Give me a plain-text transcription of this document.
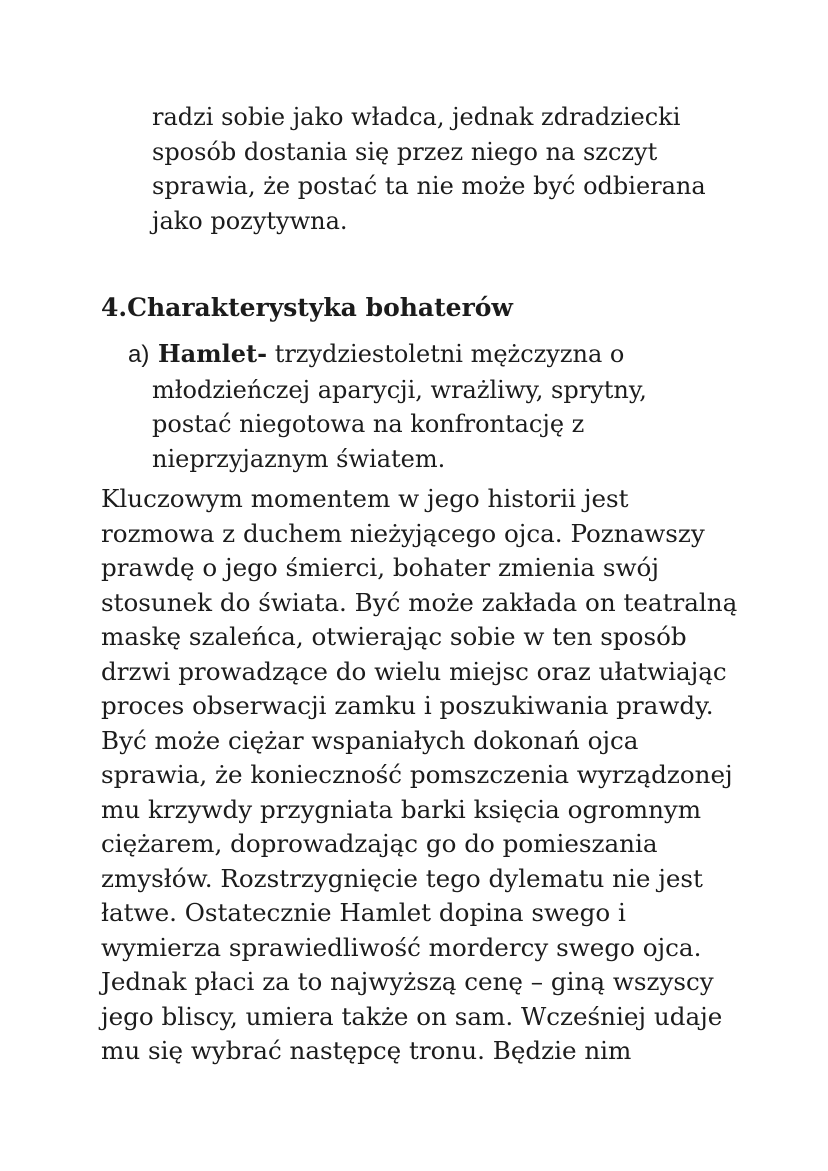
radzi sobie jako władca, jednak zdradziecki
sposób dostania się przez niego na szczyt
sprawia, że postać ta nie może być odbierana
jako pozytywna.
4.Charakterystyka bohaterów
a) Hamlet- trzydziestoletni mężczyzna o
młodzieńczej aparycji, wrażliwy, sprytny,
postać niegotowa na konfrontację z
nieprzyjaznym światem.
Kluczowym momentem w jego historii jest
rozmowa z duchem nieżyjącego ojca. Poznawszy
prawdę o jego śmierci, bohater zmienia swój
stosunek do świata. Być może zakłada on teatralną
maskę szaleńca, otwierając sobie w ten sposób
drzwi prowadzące do wielu miejsc oraz ułatwiając
proces obserwacji zamku i poszukiwania prawdy.
Być może ciężar wspaniałych dokonań ojca
sprawia, że konieczność pomszczenia wyrządzonej
mu krzywdy przygniata barki księcia ogromnym
ciężarem, doprowadzając go do pomieszania
zmysłów. Rozstrzygnięcie tego dylematu nie jest
łatwe. Ostatecznie Hamlet dopina swego i
wymierza sprawiedliwość mordercy swego ojca.
Jednak płaci za to najwyższą cenę – giną wszyscy
jego bliscy, umiera także on sam. Wcześniej udaje
mu się wybrać następcę tronu. Będzie nim
